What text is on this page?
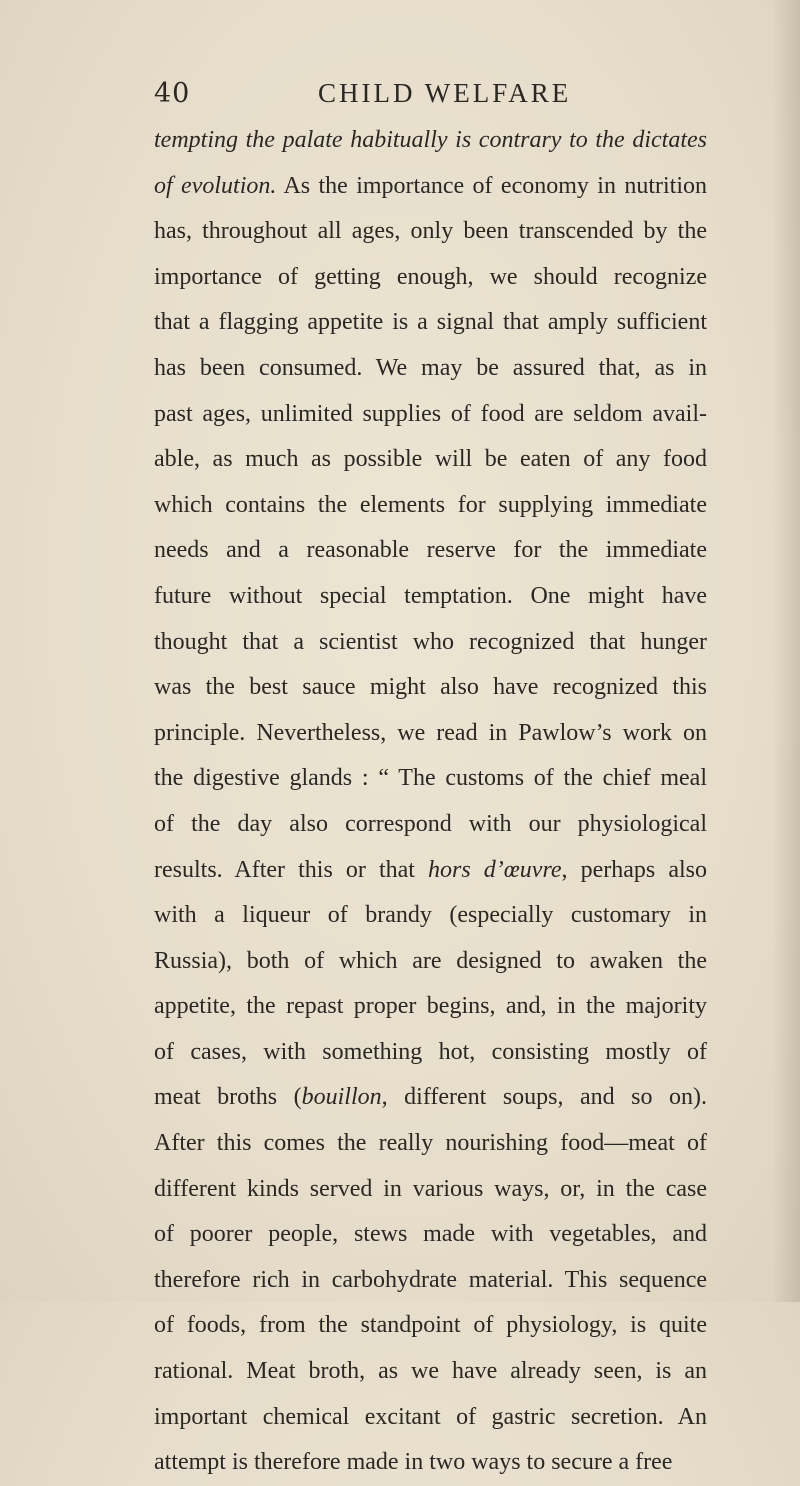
40	CHILD WELFARE
tempting the palate habitually is contrary to the dictates
of evolution. As the importance of economy in nutrition
has, throughout all ages, only been transcended by the
importance of getting enough, we should recognize
that a flagging appetite is a signal that amply sufficient
has been consumed. We may be assured that, as in
past ages, unlimited supplies of food are seldom avail-
able, as much as possible will be eaten of any food
which contains the elements for supplying immediate
needs and a reasonable reserve for the immediate
future without special temptation. One might have
thought that a scientist who recognized that hunger
was the best sauce might also have recognized this
principle. Nevertheless, we read in Pawlow’s work on
the digestive glands : “ The customs of the chief meal
of the day also correspond with our physiological
results. After this or that hors d’œuvre, perhaps also
with a liqueur of brandy (especially customary in
Russia), both of which are designed to awaken the
appetite, the repast proper begins, and, in the majority
of cases, with something hot, consisting mostly of
meat broths (bouillon, different soups, and so on).
After this comes the really nourishing food—meat of
different kinds served in various ways, or, in the case
of poorer people, stews made with vegetables, and
therefore rich in carbohydrate material. This sequence
of foods, from the standpoint of physiology, is quite
rational. Meat broth, as we have already seen, is an
important chemical excitant of gastric secretion. An
attempt is therefore made in two ways to secure a free
